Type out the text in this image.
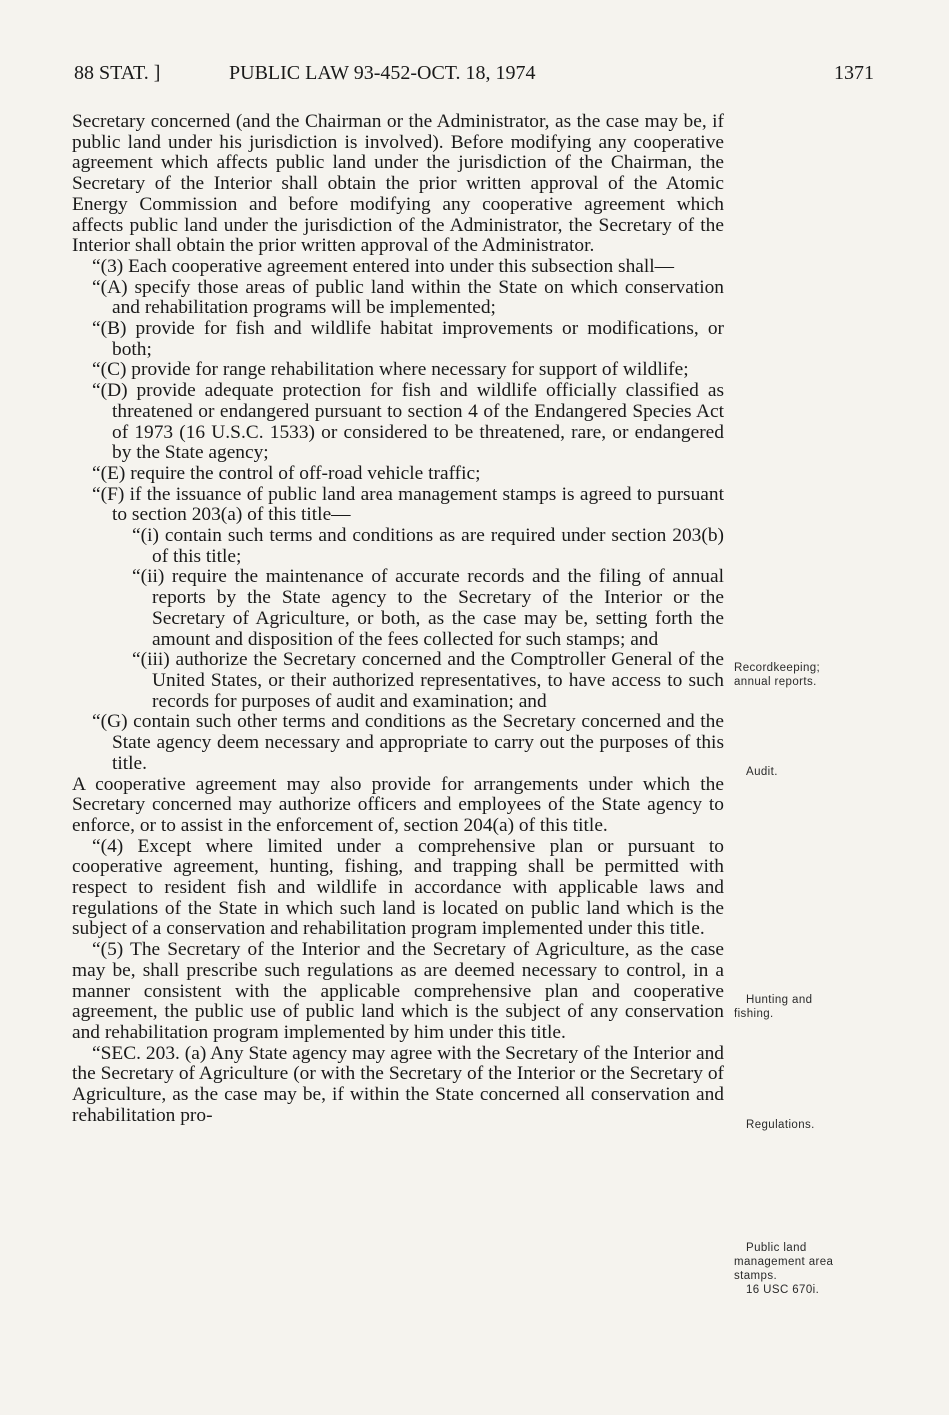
88 STAT. ]	PUBLIC LAW 93-452-OCT. 18, 1974	1371

Secretary concerned (and the Chairman or the Administrator, as the case may be, if public land under his jurisdiction is involved). Before modifying any cooperative agreement which affects public land under the jurisdiction of the Chairman, the Secretary of the Interior shall obtain the prior written approval of the Atomic Energy Commission and before modifying any cooperative agreement which affects public land under the jurisdiction of the Administrator, the Secretary of the Interior shall obtain the prior written approval of the Administrator.

“(3) Each cooperative agreement entered into under this subsection shall—

“(A) specify those areas of public land within the State on which conservation and rehabilitation programs will be implemented;

“(B) provide for fish and wildlife habitat improvements or modifications, or both;

“(C) provide for range rehabilitation where necessary for support of wildlife;

“(D) provide adequate protection for fish and wildlife officially classified as threatened or endangered pursuant to section 4 of the Endangered Species Act of 1973 (16 U.S.C. 1533) or considered to be threatened, rare, or endangered by the State agency;

“(E) require the control of off-road vehicle traffic;

“(F) if the issuance of public land area management stamps is agreed to pursuant to section 203(a) of this title—

“(i) contain such terms and conditions as are required under section 203(b) of this title;

“(ii) require the maintenance of accurate records and the filing of annual reports by the State agency to the Secretary of the Interior or the Secretary of Agriculture, or both, as the case may be, setting forth the amount and disposition of the fees collected for such stamps; and

“(iii) authorize the Secretary concerned and the Comptroller General of the United States, or their authorized representatives, to have access to such records for purposes of audit and examination; and

“(G) contain such other terms and conditions as the Secretary concerned and the State agency deem necessary and appropriate to carry out the purposes of this title.

A cooperative agreement may also provide for arrangements under which the Secretary concerned may authorize officers and employees of the State agency to enforce, or to assist in the enforcement of, section 204(a) of this title.

“(4) Except where limited under a comprehensive plan or pursuant to cooperative agreement, hunting, fishing, and trapping shall be permitted with respect to resident fish and wildlife in accordance with applicable laws and regulations of the State in which such land is located on public land which is the subject of a conservation and rehabilitation program implemented under this title.

“(5) The Secretary of the Interior and the Secretary of Agriculture, as the case may be, shall prescribe such regulations as are deemed necessary to control, in a manner consistent with the applicable comprehensive plan and cooperative agreement, the public use of public land which is the subject of any conservation and rehabilitation program implemented by him under this title.

“SEC. 203. (a) Any State agency may agree with the Secretary of the Interior and the Secretary of Agriculture (or with the Secretary of the Interior or the Secretary of Agriculture, as the case may be, if within the State concerned all conservation and rehabilitation pro-

Recordkeeping;
annual reports.
Audit.
Hunting and
fishing.
Regulations.
Public land
management area
stamps.
16 USC 670i.
